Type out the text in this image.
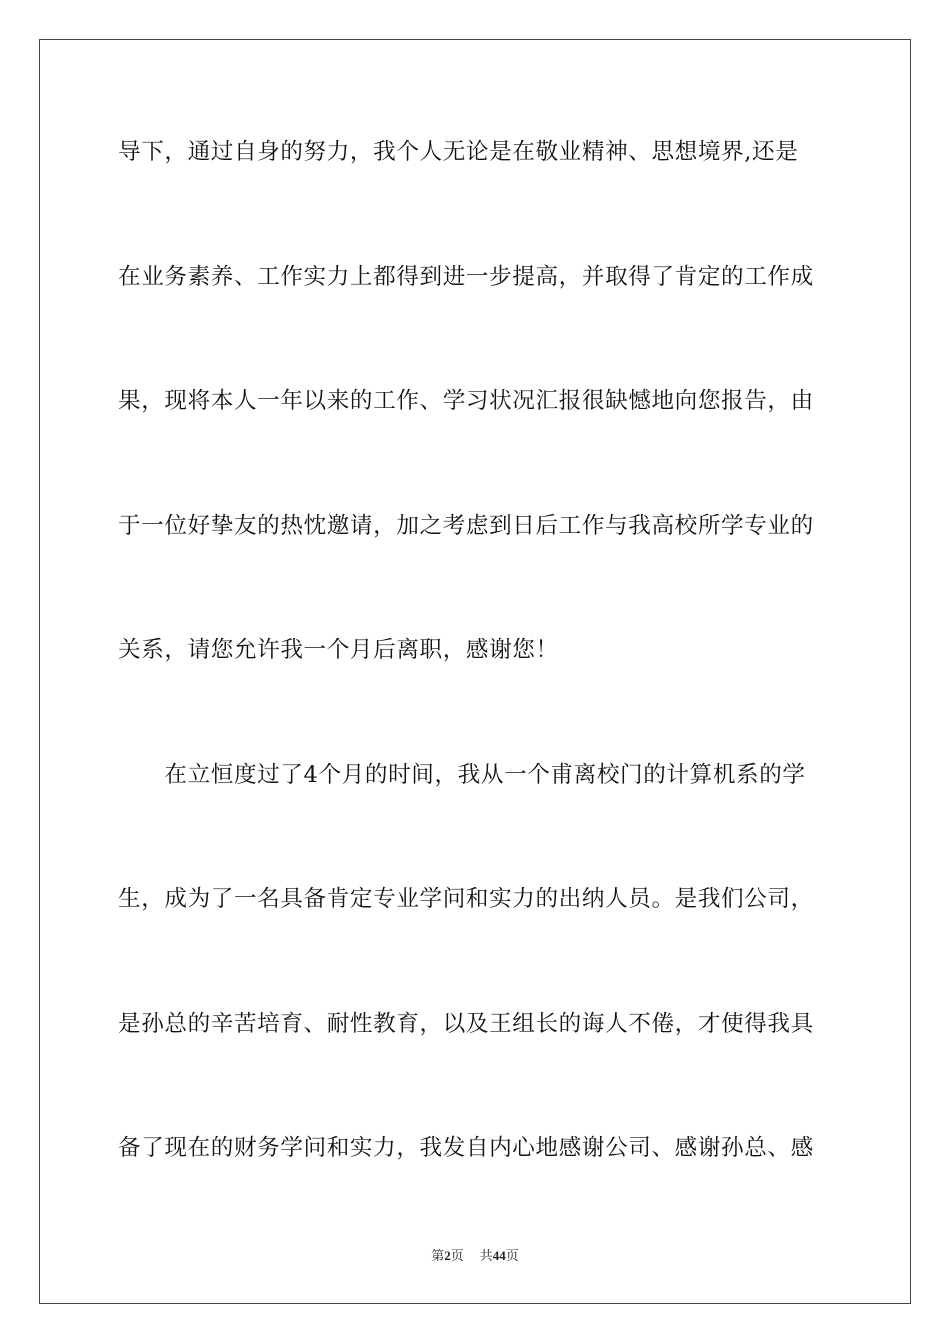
导下，通过自身的努力，我个人无论是在敬业精神、思想境界,还是
在业务素养、工作实力上都得到进一步提高，并取得了肯定的工作成
果，现将本人一年以来的工作、学习状况汇报很缺憾地向您报告，由
于一位好挚友的热忱邀请，加之考虑到日后工作与我高校所学专业的
关系，请您允许我一个月后离职，感谢您！
　　在立恒度过了4个月的时间，我从一个甫离校门的计算机系的学
生，成为了一名具备肯定专业学问和实力的出纳人员。是我们公司，
是孙总的辛苦培育、耐性教育，以及王组长的诲人不倦，才使得我具
备了现在的财务学问和实力，我发自内心地感谢公司、感谢孙总、感
第2页 共44页
